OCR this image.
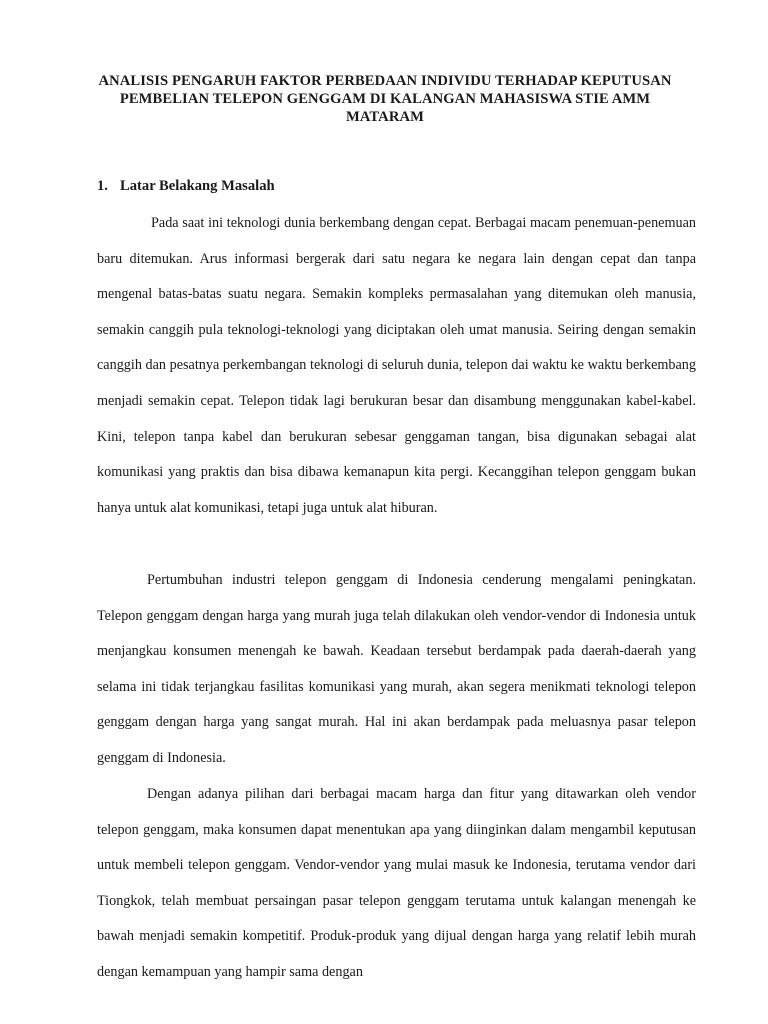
ANALISIS PENGARUH FAKTOR PERBEDAAN INDIVIDU TERHADAP KEPUTUSAN PEMBELIAN TELEPON GENGGAM DI KALANGAN MAHASISWA STIE AMM MATARAM
1. Latar Belakang Masalah

Pada saat ini teknologi dunia berkembang dengan cepat. Berbagai macam penemuan-penemuan baru ditemukan. Arus informasi bergerak dari satu negara ke negara lain dengan cepat dan tanpa mengenal batas-batas suatu negara. Semakin kompleks permasalahan yang ditemukan oleh manusia, semakin canggih pula teknologi-teknologi yang diciptakan oleh umat manusia. Seiring dengan semakin canggih dan pesatnya perkembangan teknologi di seluruh dunia, telepon dai waktu ke waktu berkembang menjadi semakin cepat. Telepon tidak lagi berukuran besar dan disambung menggunakan kabel-kabel. Kini, telepon tanpa kabel dan berukuran sebesar genggaman tangan, bisa digunakan sebagai alat komunikasi yang praktis dan bisa dibawa kemanapun kita pergi. Kecanggihan telepon genggam bukan hanya untuk alat komunikasi, tetapi juga untuk alat hiburan.

Pertumbuhan industri telepon genggam di Indonesia cenderung mengalami peningkatan. Telepon genggam dengan harga yang murah juga telah dilakukan oleh vendor-vendor di Indonesia untuk menjangkau konsumen menengah ke bawah. Keadaan tersebut berdampak pada daerah-daerah yang selama ini tidak terjangkau fasilitas komunikasi yang murah, akan segera menikmati teknologi telepon genggam dengan harga yang sangat murah. Hal ini akan berdampak pada meluasnya pasar telepon genggam di Indonesia.

Dengan adanya pilihan dari berbagai macam harga dan fitur yang ditawarkan oleh vendor telepon genggam, maka konsumen dapat menentukan apa yang diinginkan dalam mengambil keputusan untuk membeli telepon genggam. Vendor-vendor yang mulai masuk ke Indonesia, terutama vendor dari Tiongkok, telah membuat persaingan pasar telepon genggam terutama untuk kalangan menengah ke bawah menjadi semakin kompetitif. Produk-produk yang dijual dengan harga yang relatif lebih murah dengan kemampuan yang hampir sama dengan
